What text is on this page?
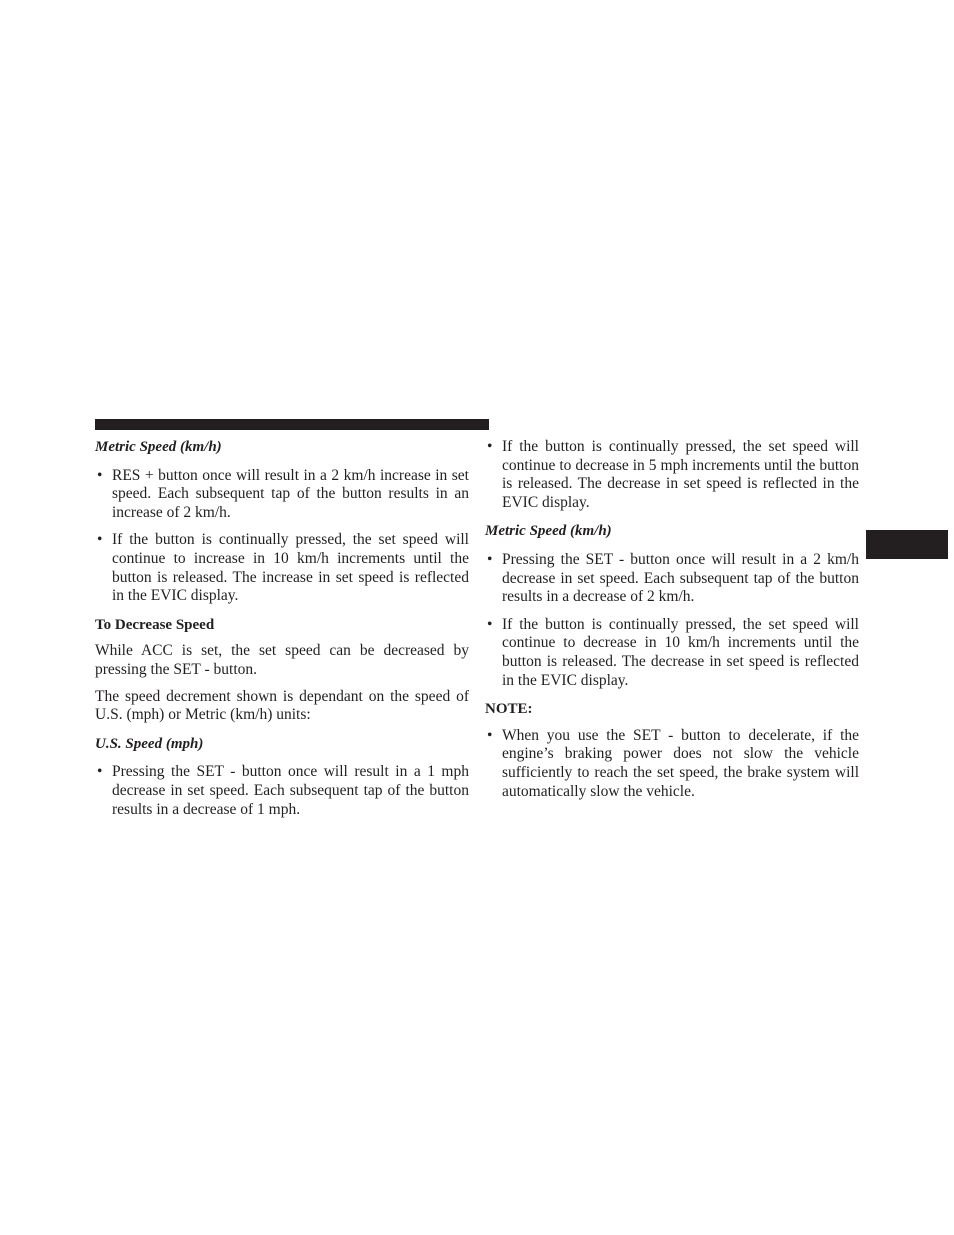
Metric Speed (km/h)
• RES + button once will result in a 2 km/h increase in set speed. Each subsequent tap of the button results in an increase of 2 km/h.
• If the button is continually pressed, the set speed will continue to increase in 10 km/h increments until the button is released. The increase in set speed is reflected in the EVIC display.
To Decrease Speed

While ACC is set, the set speed can be decreased by pressing the SET - button.

The speed decrement shown is dependant on the speed of U.S. (mph) or Metric (km/h) units:

U.S. Speed (mph)
• Pressing the SET - button once will result in a 1 mph decrease in set speed. Each subsequent tap of the button results in a decrease of 1 mph.
• If the button is continually pressed, the set speed will continue to decrease in 5 mph increments until the button is released. The decrease in set speed is reflected in the EVIC display.
Metric Speed (km/h)
• Pressing the SET - button once will result in a 2 km/h decrease in set speed. Each subsequent tap of the button results in a decrease of 2 km/h.
• If the button is continually pressed, the set speed will continue to decrease in 10 km/h increments until the button is released. The decrease in set speed is reflected in the EVIC display.
NOTE:
• When you use the SET - button to decelerate, if the engine’s braking power does not slow the vehicle sufficiently to reach the set speed, the brake system will automatically slow the vehicle.
